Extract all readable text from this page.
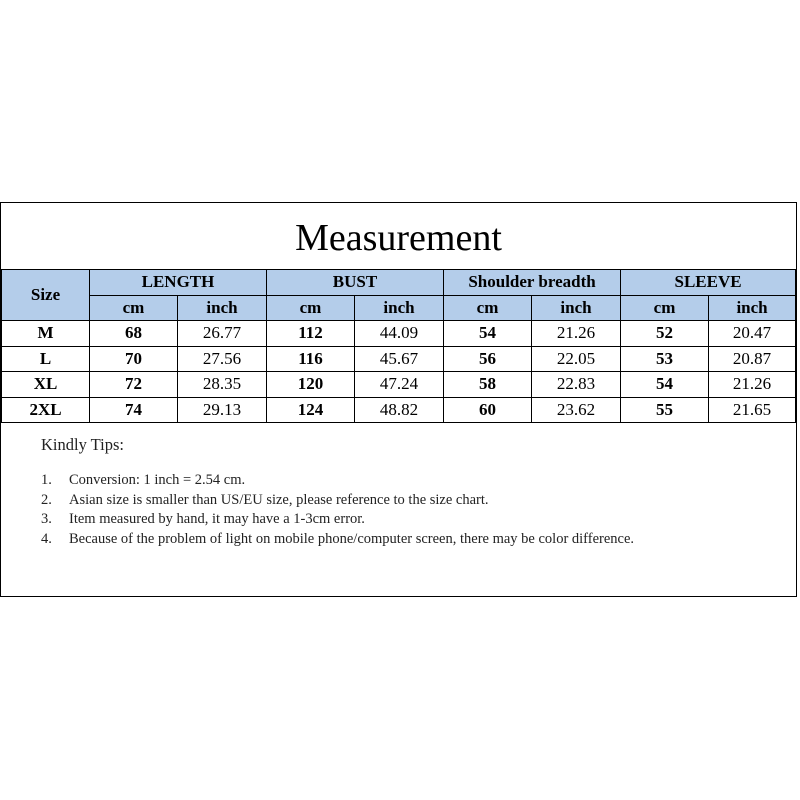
Measurement
Size	LENGTH		BUST		Shoulder breadth		SLEEVE	
	cm	inch	cm	inch	cm	inch	cm	inch
M	68	26.77	112	44.09	54	21.26	52	20.47
L	70	27.56	116	45.67	56	22.05	53	20.87
XL	72	28.35	120	47.24	58	22.83	54	21.26
2XL	74	29.13	124	48.82	60	23.62	55	21.65
Kindly Tips:
1.	Conversion: 1 inch = 2.54 cm.
2.	Asian size is smaller than US/EU size, please reference to the size chart.
3.	Item measured by hand, it may have a 1-3cm error.
4.	Because of the problem of light on mobile phone/computer screen, there may be color difference.
